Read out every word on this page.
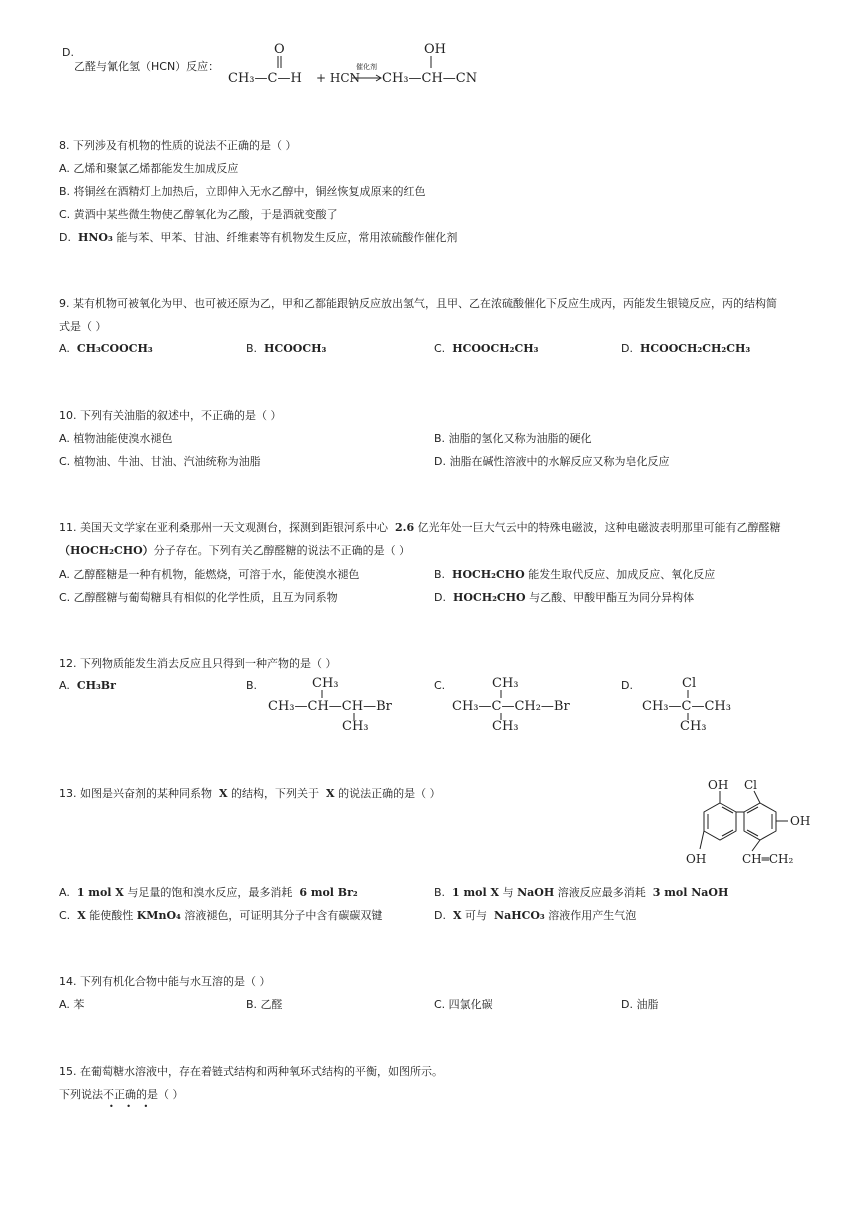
D.
乙醛与氰化氢（HCN）反应：
O
CH₃—C—H + HCN
催化剂
OH
CH₃—CH—CN
8. 下列涉及有机物的性质的说法不正确的是（ ）
A. 乙烯和聚氯乙烯都能发生加成反应
B. 将铜丝在酒精灯上加热后，立即伸入无水乙醇中，铜丝恢复成原来的红色
C. 黄酒中某些微生物使乙醇氧化为乙酸，于是酒就变酸了
D. HNO₃ 能与苯、甲苯、甘油、纤维素等有机物发生反应，常用浓硫酸作催化剂
9. 某有机物可被氧化为甲、也可被还原为乙，甲和乙都能跟钠反应放出氢气，且甲、乙在浓硫酸催化下反应生成丙，丙能发生银镜反应，丙的结构简
式是（ ）
A. CH₃COOCH₃	B. HCOOCH₃	C. HCOOCH₂CH₃	D. HCOOCH₂CH₂CH₃
10. 下列有关油脂的叙述中，不正确的是（ ）
A. 植物油能使溴水褪色	B. 油脂的氢化又称为油脂的硬化
C. 植物油、牛油、甘油、汽油统称为油脂	D. 油脂在碱性溶液中的水解反应又称为皂化反应
11. 美国天文学家在亚利桑那州一天文观测台，探测到距银河系中心 2.6 亿光年处一巨大气云中的特殊电磁波，这种电磁波表明那里可能有乙醇醛糖
（HOCH₂CHO）分子存在。下列有关乙醇醛糖的说法不正确的是（ ）
A. 乙醇醛糖是一种有机物，能燃烧，可溶于水，能使溴水褪色	B. HOCH₂CHO 能发生取代反应、加成反应、氧化反应
C. 乙醇醛糖与葡萄糖具有相似的化学性质，且互为同系物	D. HOCH₂CHO 与乙酸、甲酸甲酯互为同分异构体
12. 下列物质能发生消去反应且只得到一种产物的是（ ）
A. CH₃Br	B.	CH₃
CH₃—CH—CH—Br
CH₃
C.	CH₃
CH₃—C—CH₂—Br
CH₃
D.	Cl
CH₃—C—CH₃
CH₃
13. 如图是兴奋剂的某种同系物 X 的结构，下列关于 X 的说法正确的是（ ）
OH Cl
OH
OH	CH═CH₂
A. 1 mol X 与足量的饱和溴水反应，最多消耗 6 mol Br₂	B. 1 mol X 与 NaOH 溶液反应最多消耗 3 mol NaOH
C. X 能使酸性 KMnO₄ 溶液褪色，可证明其分子中含有碳碳双键	D. X 可与 NaHCO₃ 溶液作用产生气泡
14. 下列有机化合物中能与水互溶的是（ ）
A. 苯	B. 乙醛	C. 四氯化碳	D. 油脂
15. 在葡萄糖水溶液中，存在着链式结构和两种氧环式结构的平衡，如图所示。
下列说法不正确的是（ ）
• • •
